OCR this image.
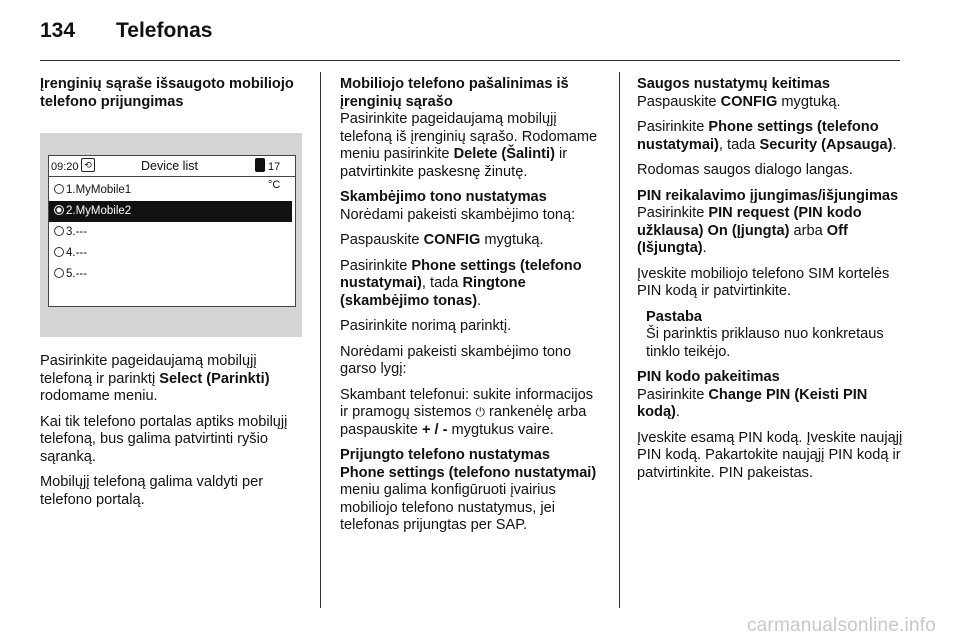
134 Telefonas
Įrenginių sąraše išsaugoto mobiliojo telefono prijungimas
09:20 ⟲	Device list	17 °C
1.MyMobile1
2.MyMobile2
3.---
4.---
5.---

Pasirinkite pageidaujamą mobilųjį telefoną ir parinktį Select (Parinkti) rodomame meniu.

Kai tik telefono portalas aptiks mobilųjį telefoną, bus galima patvirtinti ryšio sąranką.

Mobilųjį telefoną galima valdyti per telefono portalą.

Mobiliojo telefono pašalinimas iš įrenginių sąrašo
Pasirinkite pageidaujamą mobilųjį telefoną iš įrenginių sąrašo. Rodomame meniu pasirinkite Delete (Šalinti) ir patvirtinkite paskesnę žinutę.
Skambėjimo tono nustatymas

Norėdami pakeisti skambėjimo toną:

Paspauskite CONFIG mygtuką.

Pasirinkite Phone settings (telefono nustatymai), tada Ringtone (skambėjimo tonas).

Pasirinkite norimą parinktį.

Norėdami pakeisti skambėjimo tono garso lygį:

Skambant telefonui: sukite informacijos ir pramogų sistemos ⏻ rankenėlę arba paspauskite + / - mygtukus vaire.

Prijungto telefono nustatymas
Phone settings (telefono nustatymai) meniu galima konfigūruoti įvairius mobiliojo telefono nustatymus, jei telefonas prijungtas per SAP.
Saugos nustatymų keitimas

Paspauskite CONFIG mygtuką.

Pasirinkite Phone settings (telefono nustatymai), tada Security (Apsauga).

Rodomas saugos dialogo langas.

PIN reikalavimo įjungimas/išjungimas

Pasirinkite PIN request (PIN kodo užklausa) On (Įjungta) arba Off (Išjungta).

Įveskite mobiliojo telefono SIM kortelės PIN kodą ir patvirtinkite.

Pastaba
Ši parinktis priklauso nuo konkretaus tinklo teikėjo.
PIN kodo pakeitimas

Pasirinkite Change PIN (Keisti PIN kodą).

Įveskite esamą PIN kodą. Įveskite naująjį PIN kodą. Pakartokite naująjį PIN kodą ir patvirtinkite. PIN pakeistas.

carmanualsonline.info
